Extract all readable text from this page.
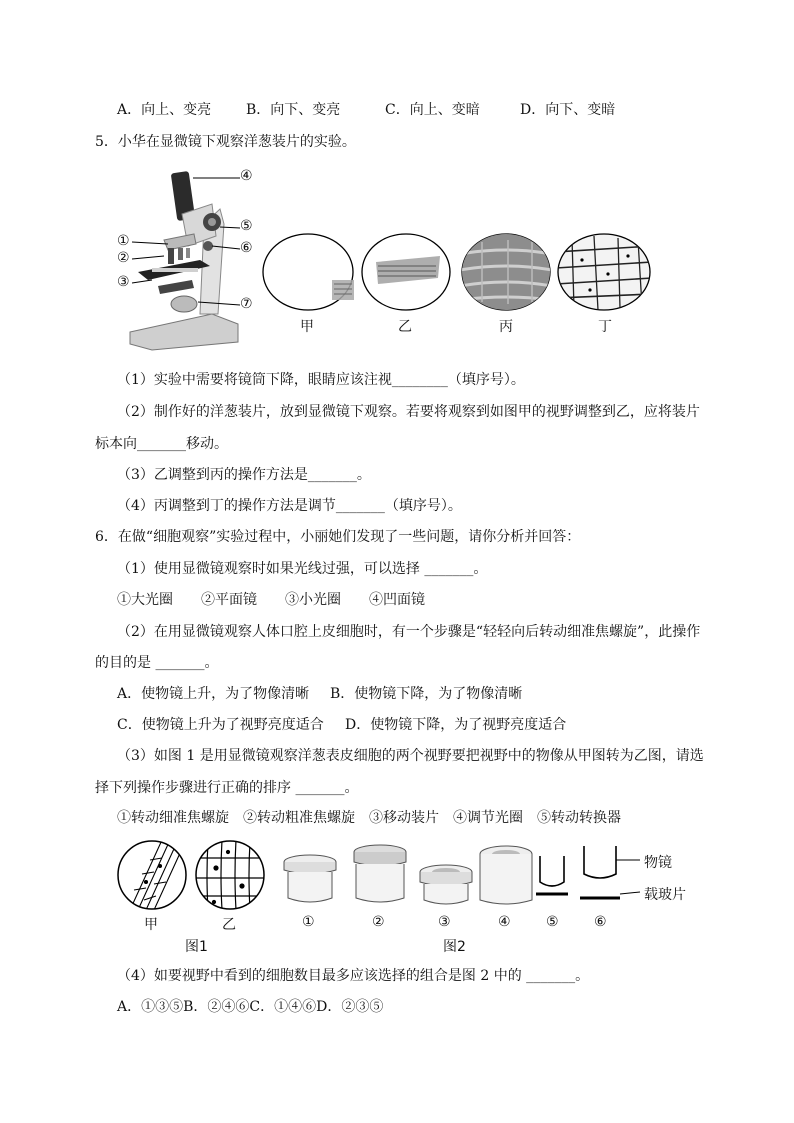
A．向上、变亮 B．向下、变亮	C．向上、变暗	D．向下、变暗
5．小华在显微镜下观察洋葱装片的实验。
④
⑤
⑥
⑦
①
②
③
甲	乙	丙	丁
（1）实验中需要将镜筒下降，眼睛应该注视________（填序号）。
（2）制作好的洋葱装片，放到显微镜下观察。若要将观察到如图甲的视野调整到乙，应将装片
标本向_______移动。
（3）乙调整到丙的操作方法是_______。
（4）丙调整到丁的操作方法是调节_______（填序号）。
6．在做“细胞观察”实验过程中，小丽她们发现了一些问题，请你分析并回答：
（1）使用显微镜观察时如果光线过强，可以选择 _______。
①大光圈　　②平面镜　　③小光圈　　④凹面镜
（2）在用显微镜观察人体口腔上皮细胞时，有一个步骤是“轻轻向后转动细准焦螺旋”，此操作
的目的是 _______。
A．使物镜上升，为了物像清晰 B．使物镜下降，为了物像清晰
C．使物镜上升为了视野亮度适合 D．使物镜下降，为了视野亮度适合
（3）如图 1 是用显微镜观察洋葱表皮细胞的两个视野要把视野中的物像从甲图转为乙图，请选
择下列操作步骤进行正确的排序 _______。
①转动细准焦螺旋　②转动粗准焦螺旋　③移动装片　④调节光圈　⑤转动转换器
甲	乙
图1
物镜
载玻片
①	②	③	④	⑤	⑥
图2
（4）如要视野中看到的细胞数目最多应该选择的组合是图 2 中的 _______。
A．①③⑤B．②④⑥C．①④⑥D．②③⑤
